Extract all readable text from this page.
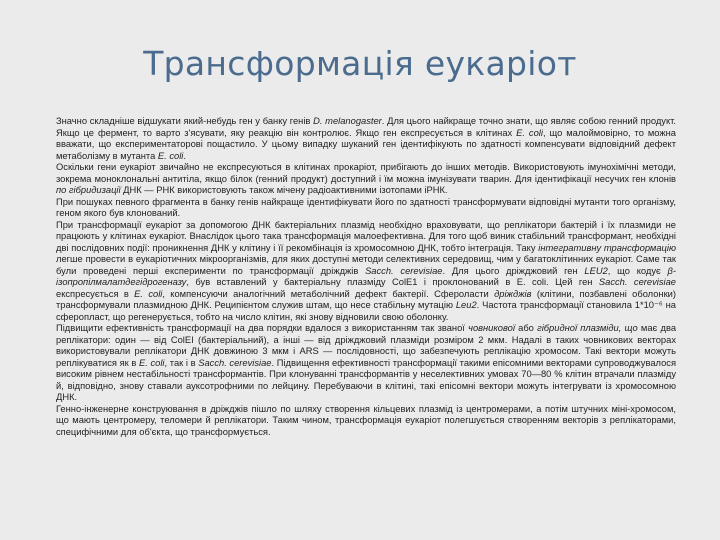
Трансформація еукаріот

Значно складніше відшукати який-небудь ген у банку генів D. melanogaster. Для цього найкраще точно знати, що являє собою генний продукт. Якщо це фермент, то варто з'ясувати, яку реакцію він контролює. Якщо ген експресується в клітинах E. coli, що малоймовірно, то можна вважати, що експериментаторові пощастило. У цьому випадку шуканий ген ідентифікують по здатності компенсувати відповідний дефект метаболізму в мутанта E. coli.

Оскільки гени еукаріот звичайно не експресуються в клітинах прокаріот, прибігають до інших методів. Використовують імунохімічні методи, зокрема моноклональні антитіла, якщо білок (генний продукт) доступний і їм можна імунізувати тварин. Для ідентифікації несучих ген клонів по гібридизації ДНК — РНК використовують також мічену радіоактивними ізотопами іРНК.

При пошуках певного фрагмента в банку генів найкраще ідентифікувати його по здатності трансформувати відповідні мутанти того організму, геном якого був клонований.

При трансформації еукаріот за допомогою ДНК бактеріальних плазмід необхідно враховувати, що реплікатори бактерій і їх плазмиди не працюють у клітинах еукаріот. Внаслідок цього така трансформація малоефективна. Для того щоб виник стабільний трансформант, необхідні дві послідовних події: проникнення ДНК у клітину і її рекомбінація із хромосомною ДНК, тобто інтеграція. Таку інтегративну трансформацію легше провести в еукаріотичних мікроорганізмів, для яких доступні методи селективних середовищ, чим у багатоклітинних еукаріот. Саме так були проведені перші експерименти по трансформації дріжджів Sacch. cerevisiae. Для цього дріжджовий ген LEU2, що кодує β-ізопропілмалатдегідрогеназу, був вставлений у бактеріальну плазміду ColE1 і проклонований в E. coli. Цей ген Sacch. cerevisiae експресується в E. coli, компенсуючи аналогічний метаболічний дефект бактерії. Сфероласти дріжджів (клітини, позбавлені оболонки) трансформували плазмидною ДНК. Реципієнтом служив штам, що несе стабільну мутацію Leu2. Частота трансформації становила 1*10⁻⁶ на сферопласт, що регенерується, тобто на число клітин, які знову відновили свою оболонку.

Підвищити ефективність трансформації на два порядки вдалося з використанням так званої човникової або гібридної плазміди, що має два реплікатори: один — від ColEI (бактеріальний), а інші — від дріжджовий плазміди розміром 2 мкм. Надалі в таких човникових векторах використовували реплікатори ДНК довжиною 3 мкм і ARS — послідовності, що забезпечують реплікацію хромосом. Такі вектори можуть реплікуватися як в E. coli, так і в Sacch. cerevisiae. Підвищення ефективності трансформації такими епісомними векторами супроводжувалося високим рівнем нестабільності трансформантів. При клонуванні трансформантів у неселективних умовах 70—80 % клітин втрачали плазміду й, відповідно, знову ставали ауксотрофними по лейцину. Перебуваючи в клітині, такі епісомні вектори можуть інтегрувати із хромосомною ДНК.

Генно-інженерне конструювання в дріжджів пішло по шляху створення кільцевих плазмід із центромерами, а потім штучних міні-хромосом, що мають центромеру, теломери й реплікатори. Таким чином, трансформація еукаріот полегшується створенням векторів з реплікаторами, специфічними для об'єкта, що трансформується.
